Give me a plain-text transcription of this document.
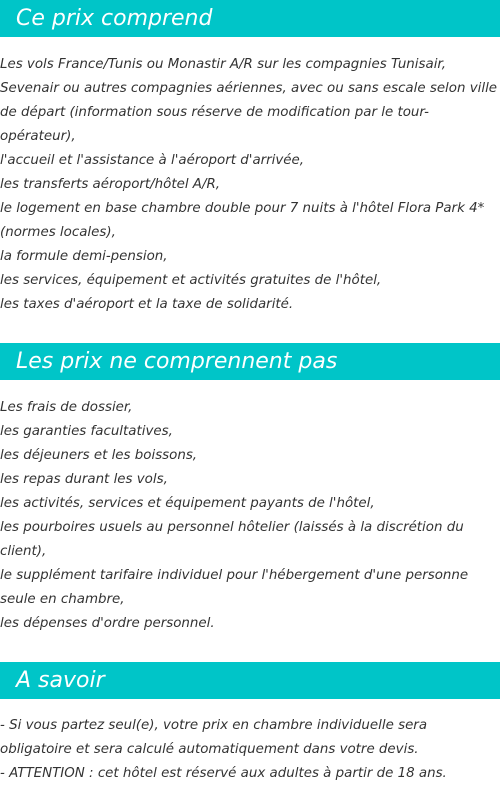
Ce prix comprend

Les vols France/Tunis ou Monastir A/R sur les compagnies Tunisair, Sevenair ou autres compagnies aériennes, avec ou sans escale selon ville de départ (information sous réserve de modification par le tour-opérateur),

l'accueil et l'assistance à l'aéroport d'arrivée,

les transferts aéroport/hôtel A/R,

le logement en base chambre double pour 7 nuits à l'hôtel Flora Park 4* (normes locales),

la formule demi-pension,

les services, équipement et activités gratuites de l'hôtel,

les taxes d'aéroport et la taxe de solidarité.

Les prix ne comprennent pas

Les frais de dossier,

les garanties facultatives,

les déjeuners et les boissons,

les repas durant les vols,

les activités, services et équipement payants de l'hôtel,

les pourboires usuels au personnel hôtelier (laissés à la discrétion du client),

le supplément tarifaire individuel pour l'hébergement d'une personne seule en chambre,

les dépenses d'ordre personnel.

A savoir

- Si vous partez seul(e), votre prix en chambre individuelle sera obligatoire et sera calculé automatiquement dans votre devis.

- ATTENTION : cet hôtel est réservé aux adultes à partir de 18 ans.
